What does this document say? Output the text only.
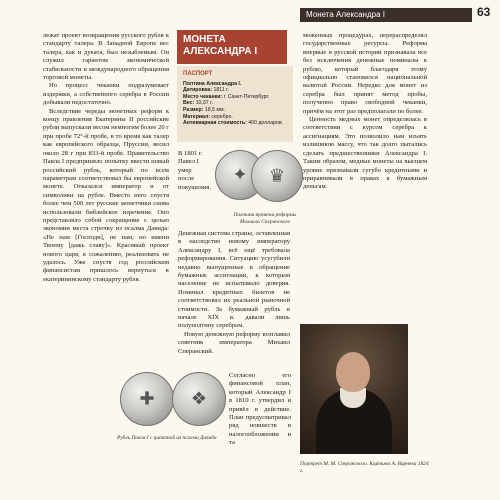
Монета Александра I	63

лежат проект возвращения русского рубля к стандарту талера. В Западной Европе вес талера, как и дуката, был незыблемым. Он служил гарантом экономической стабильности и международного обращения торговой монеты.

Но процесс чеканки подразумевает издержки, а собственного серебра в России добывали недостаточно.

Вследствие череды монетных реформ к концу правления Екатерины II российские рубли выпускали весом немногим более 20 г при пробе 72°-й пробе, в то время как талер как европейского образца, Пруссии, весил около 28 г при 833-й пробе. Правительство Павла I предприняло попытку ввести новый российский рубль, который по всем параметрам соответствовал бы европейской монете. Отказался император и от символики на рубле. Вместо него спустя более чем 500 лет русские монетчики снова использовали библейское изречение. Оно представляло собой сокращение с целью экономии места строчку из псалма Давида: «Не нам [Господи], не нам, но имени Твоему [дажь славу]». Красивый проект нового царя, к сожалению, реализовать не удалось. Уже спустя год российским финансистам пришлось вернуться к екатерининскому стандарту рубля.

МОНЕТА АЛЕКСАНДРА I
ПАСПОРТ
Полтина Александра I.
Датировка: 1811 г.
Место чеканки: г. Санкт-Петербург.
Вес: 10,37 г.
Размер: 18,5 мм.
Материал: серебро.
Антикварная стоимость: 400 долларов.

В 1801 г. Павел I умер после покушения.

✦ ♛
Полтина времени реформы Михаила Сперанского

Денежная система страны, оставленная в наследство новому императору Александру I, всё ещё требовала реформирования. Ситуацию усугубили недавно выпущенные в обращение бумажные ассигнации, к которым население не испытывало доверия. Номинал кредитных билетов не соответствовал их реальной рыночной стоимости. За бумажный рубль в начале XIX в. давали лишь полуполтину серебром.

Новую денежную реформу возглавил советник императора Михаил Сперанский.

✚ ❖
Рубль Павла I с цитатой из псалма Давида

Согласно его финансовой план, который Александр I в 1810 г. утвердил и привёл в действие. План предусматривал ряд новшеств в налогообложении и та

моженных процедурах, перераспределял государственные ресурсы. Реформа впервые в русской истории признавала все без исключения денежные номиналы к рублю, который благодаря этому официально становился национальной валютой России. Нередко для монет из серебра был принят метод пробы, полученно право свободной чеканки, причём на этот раз предполагали по более.

Ценность медных монет определялась в соответствии с курсом серебра к ассигнациям. Это позволило нам изъять излишнюю массу, что так долго пытались сделать предшественники Александра I. Таким образом, медные монеты на высшем уровне признавали сугубо кредитными и приравнивали в правах к бумажным деньгам.

Портрет М. М. Сперанского. Картина А. Варнека 1824 г.
